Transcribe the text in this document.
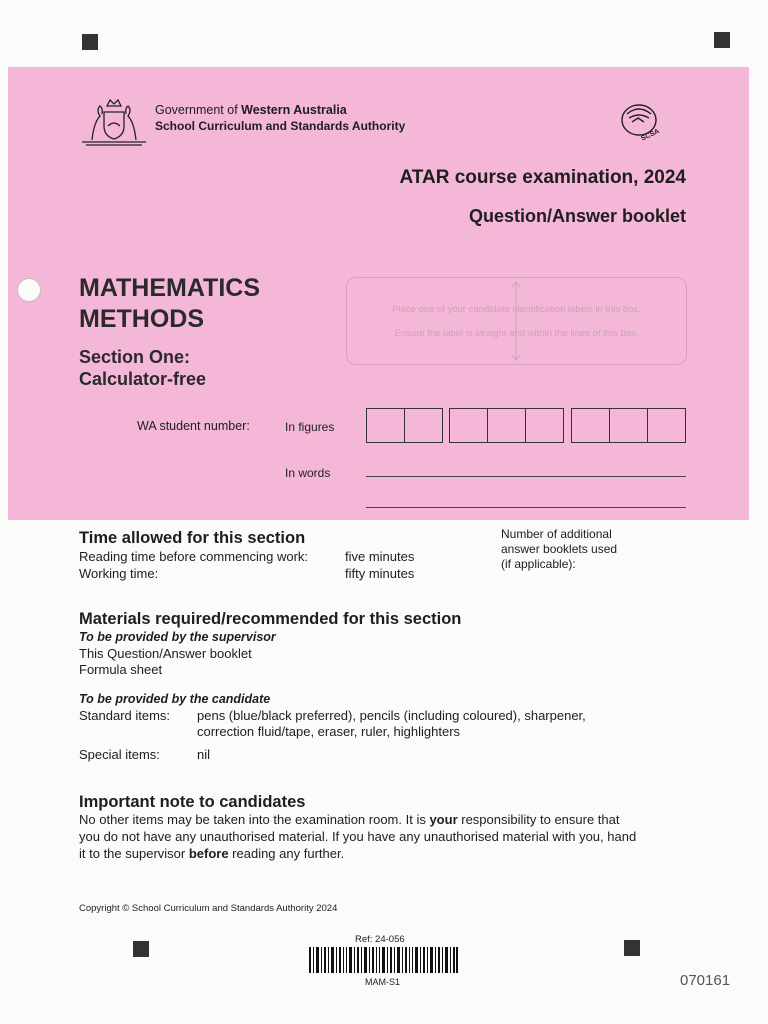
Government of Western Australia
School Curriculum and Standards Authority
SCSA
ATAR course examination, 2024
Question/Answer booklet
MATHEMATICS
METHODS
Section One:
Calculator-free
Place one of your candidate identification labels in this box.
Ensure the label is straight and within the lines of this box.
WA student number:	In figures
In words
Time allowed for this section
Reading time before commencing work:	five minutes
Working time:	fifty minutes
Number of additional
answer booklets used
(if applicable):
Materials required/recommended for this section
To be provided by the supervisor
This Question/Answer booklet
Formula sheet
To be provided by the candidate
Standard items: pens (blue/black preferred), pencils (including coloured), sharpener,
correction fluid/tape, eraser, ruler, highlighters
Special items:	nil
Important note to candidates
No other items may be taken into the examination room. It is your responsibility to ensure that
you do not have any unauthorised material. If you have any unauthorised material with you, hand
it to the supervisor before reading any further.
Copyright © School Curriculum and Standards Authority 2024
Ref: 24-056
MAM-S1	070161
